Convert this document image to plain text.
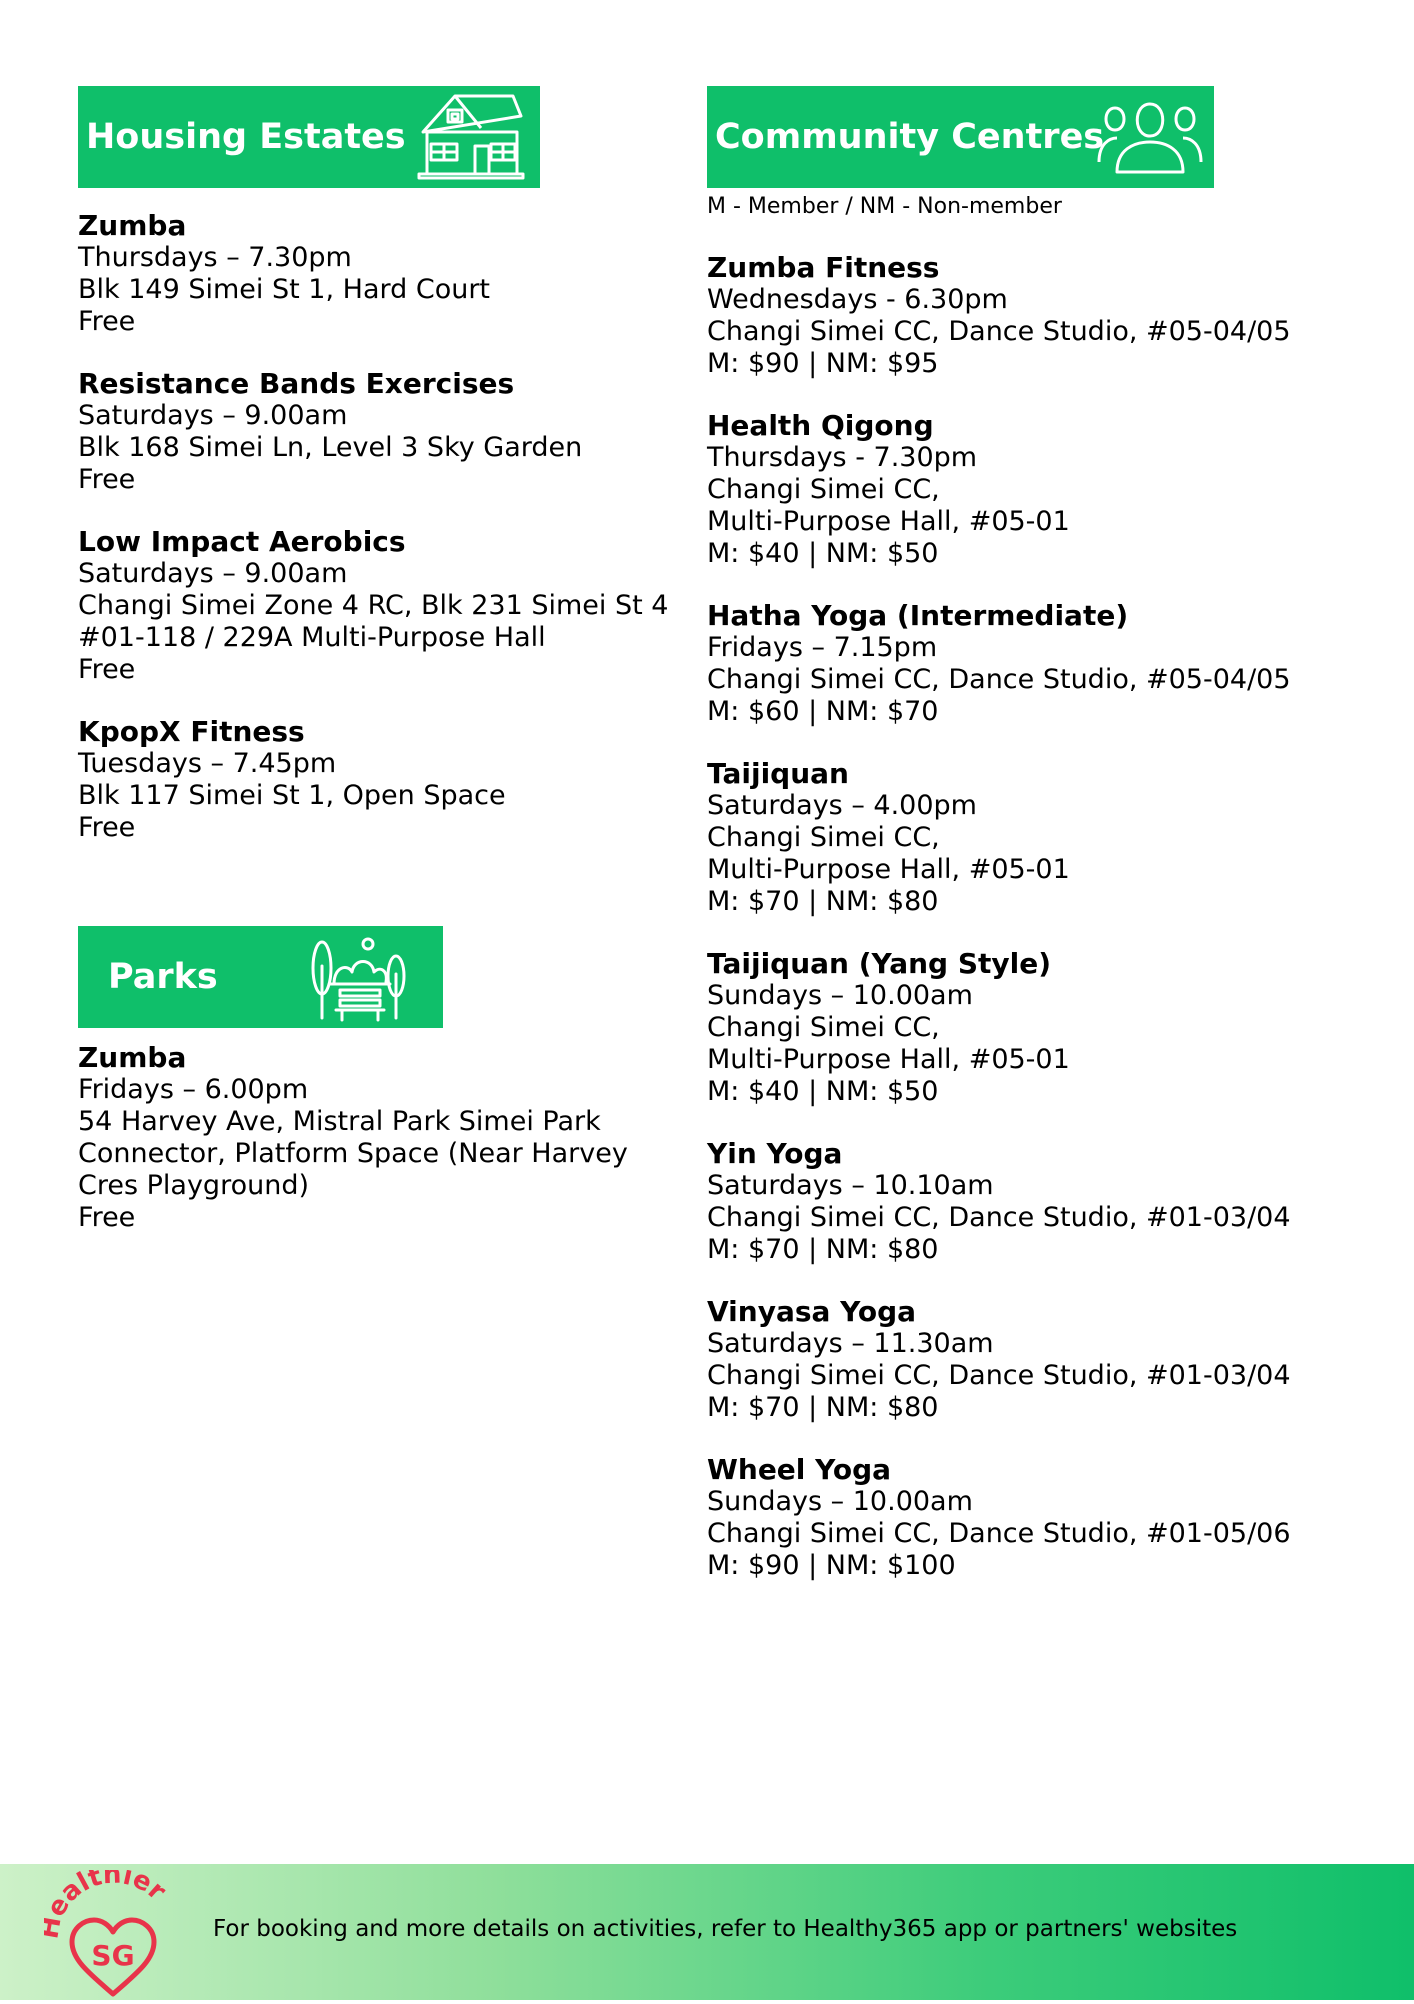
Housing Estates
Zumba
Thursdays – 7.30pm
Blk 149 Simei St 1, Hard Court
Free
Resistance Bands Exercises
Saturdays – 9.00am
Blk 168 Simei Ln, Level 3 Sky Garden
Free
Low Impact Aerobics
Saturdays – 9.00am
Changi Simei Zone 4 RC, Blk 231 Simei St 4
#01-118 / 229A Multi-Purpose Hall
Free
KpopX Fitness
Tuesdays – 7.45pm
Blk 117 Simei St 1, Open Space
Free
Parks
Zumba
Fridays – 6.00pm
54 Harvey Ave, Mistral Park Simei Park
Connector, Platform Space (Near Harvey
Cres Playground)
Free
Community Centres
M - Member / NM - Non-member
Zumba Fitness
Wednesdays - 6.30pm
Changi Simei CC, Dance Studio, #05-04/05
M: $90 | NM: $95
Health Qigong
Thursdays - 7.30pm
Changi Simei CC,
Multi-Purpose Hall, #05-01
M: $40 | NM: $50
Hatha Yoga (Intermediate)
Fridays – 7.15pm
Changi Simei CC, Dance Studio, #05-04/05
M: $60 | NM: $70
Taijiquan
Saturdays – 4.00pm
Changi Simei CC,
Multi-Purpose Hall, #05-01
M: $70 | NM: $80
Taijiquan (Yang Style)
Sundays – 10.00am
Changi Simei CC,
Multi-Purpose Hall, #05-01
M: $40 | NM: $50
Yin Yoga
Saturdays – 10.10am
Changi Simei CC, Dance Studio, #01-03/04
M: $70 | NM: $80
Vinyasa Yoga
Saturdays – 11.30am
Changi Simei CC, Dance Studio, #01-03/04
M: $70 | NM: $80
Wheel Yoga
Sundays – 10.00am
Changi Simei CC, Dance Studio, #01-05/06
M: $90 | NM: $100
ealthier
SG
For booking and more details on activities, refer to Healthy365 app or partners' websites
